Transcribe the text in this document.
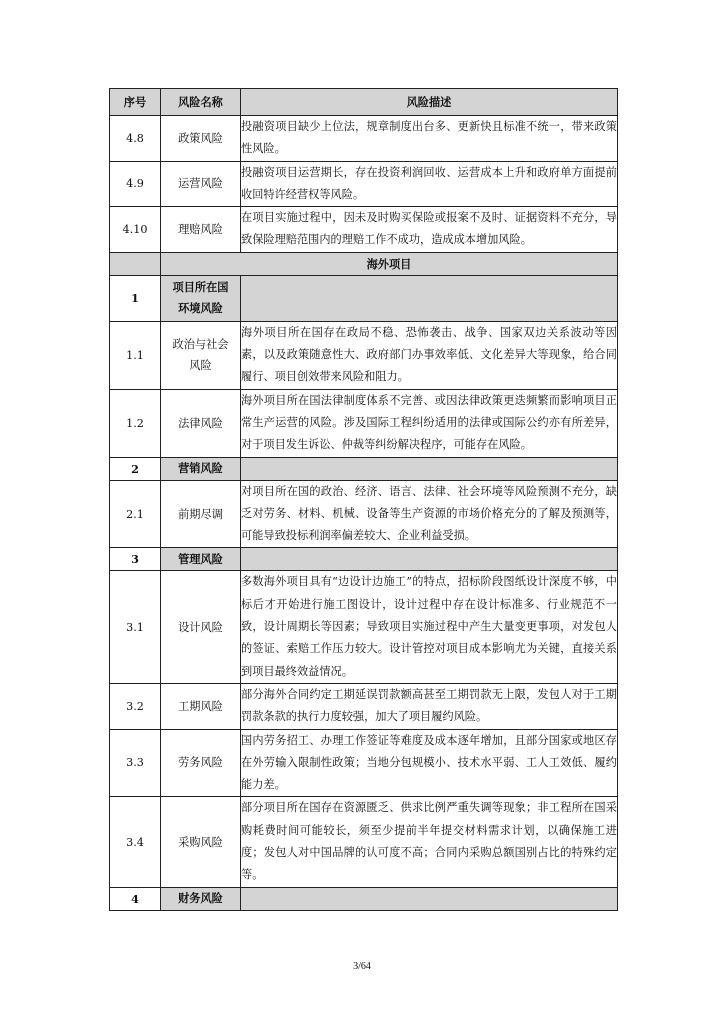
序号	风险名称	风险描述
4.8	政策风险	投融资项目缺少上位法，规章制度出台多、更新快且标准不统一，带来政策性风险。
4.9	运营风险	投融资项目运营期长，存在投资利润回收、运营成本上升和政府单方面提前收回特许经营权等风险。
4.10	理赔风险	在项目实施过程中，因未及时购买保险或报案不及时、证据资料不充分，导致保险理赔范围内的理赔工作不成功，造成成本增加风险。
	海外项目	
1	项目所在国环境风险	
1.1	政治与社会风险	海外项目所在国存在政局不稳、恐怖袭击、战争、国家双边关系波动等因素，以及政策随意性大、政府部门办事效率低、文化差异大等现象，给合同履行、项目创效带来风险和阻力。
1.2	法律风险	海外项目所在国法律制度体系不完善、或因法律政策更迭频繁而影响项目正常生产运营的风险。涉及国际工程纠纷适用的法律或国际公约亦有所差异，对于项目发生诉讼、仲裁等纠纷解决程序，可能存在风险。
2	营销风险	
2.1	前期尽调	对项目所在国的政治、经济、语言、法律、社会环境等风险预测不充分，缺乏对劳务、材料、机械、设备等生产资源的市场价格充分的了解及预测等，可能导致投标利润率偏差较大、企业利益受损。
3	管理风险	
3.1	设计风险	多数海外项目具有“边设计边施工”的特点，招标阶段图纸设计深度不够，中标后才开始进行施工图设计，设计过程中存在设计标准多、行业规范不一致，设计周期长等因素；导致项目实施过程中产生大量变更事项，对发包人的签证、索赔工作压力较大。设计管控对项目成本影响尤为关键，直接关系到项目最终效益情况。
3.2	工期风险	部分海外合同约定工期延误罚款额高甚至工期罚款无上限，发包人对于工期罚款条款的执行力度较强，加大了项目履约风险。
3.3	劳务风险	国内劳务招工、办理工作签证等难度及成本逐年增加，且部分国家或地区存在外劳输入限制性政策；当地分包规模小、技术水平弱、工人工效低、履约能力差。
3.4	采购风险	部分项目所在国存在资源匮乏、供求比例严重失调等现象；非工程所在国采购耗费时间可能较长，须至少提前半年提交材料需求计划，以确保施工进度；发包人对中国品牌的认可度不高；合同内采购总额国别占比的特殊约定等。
4	财务风险	
3/64
